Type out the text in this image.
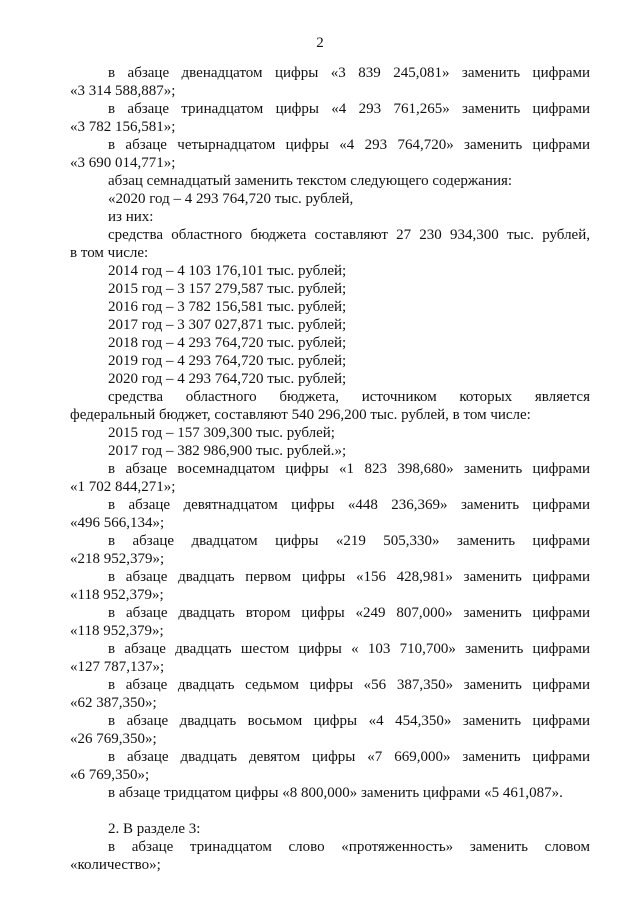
2
в абзаце двенадцатом цифры «3 839 245,081» заменить цифрами
«3 314 588,887»;
в абзаце тринадцатом цифры «4 293 761,265» заменить цифрами
«3 782 156,581»;
в абзаце четырнадцатом цифры «4 293 764,720» заменить цифрами
«3 690 014,771»;
абзац семнадцатый заменить текстом следующего содержания:
«2020 год – 4 293 764,720 тыс. рублей,
из них:
средства областного бюджета составляют 27 230 934,300 тыс. рублей,
в том числе:
2014 год – 4 103 176,101 тыс. рублей;
2015 год – 3 157 279,587 тыс. рублей;
2016 год – 3 782 156,581 тыс. рублей;
2017 год – 3 307 027,871 тыс. рублей;
2018 год – 4 293 764,720 тыс. рублей;
2019 год – 4 293 764,720 тыс. рублей;
2020 год – 4 293 764,720 тыс. рублей;
средства областного бюджета, источником которых является
федеральный бюджет, составляют 540 296,200 тыс. рублей, в том числе:
2015 год – 157 309,300 тыс. рублей;
2017 год – 382 986,900 тыс. рублей.»;
в абзаце восемнадцатом цифры «1 823 398,680» заменить цифрами
«1 702 844,271»;
в абзаце девятнадцатом цифры «448 236,369» заменить цифрами
«496 566,134»;
в абзаце двадцатом цифры «219 505,330» заменить цифрами
«218 952,379»;
в абзаце двадцать первом цифры «156 428,981» заменить цифрами
«118 952,379»;
в абзаце двадцать втором цифры «249 807,000» заменить цифрами
«118 952,379»;
в абзаце двадцать шестом цифры « 103 710,700» заменить цифрами
«127 787,137»;
в абзаце двадцать седьмом цифры «56 387,350» заменить цифрами
«62 387,350»;
в абзаце двадцать восьмом цифры «4 454,350» заменить цифрами
«26 769,350»;
в абзаце двадцать девятом цифры «7 669,000» заменить цифрами
«6 769,350»;
в абзаце тридцатом цифры «8 800,000» заменить цифрами «5 461,087».
2. В разделе 3:
в абзаце тринадцатом слово «протяженность» заменить словом
«количество»;
